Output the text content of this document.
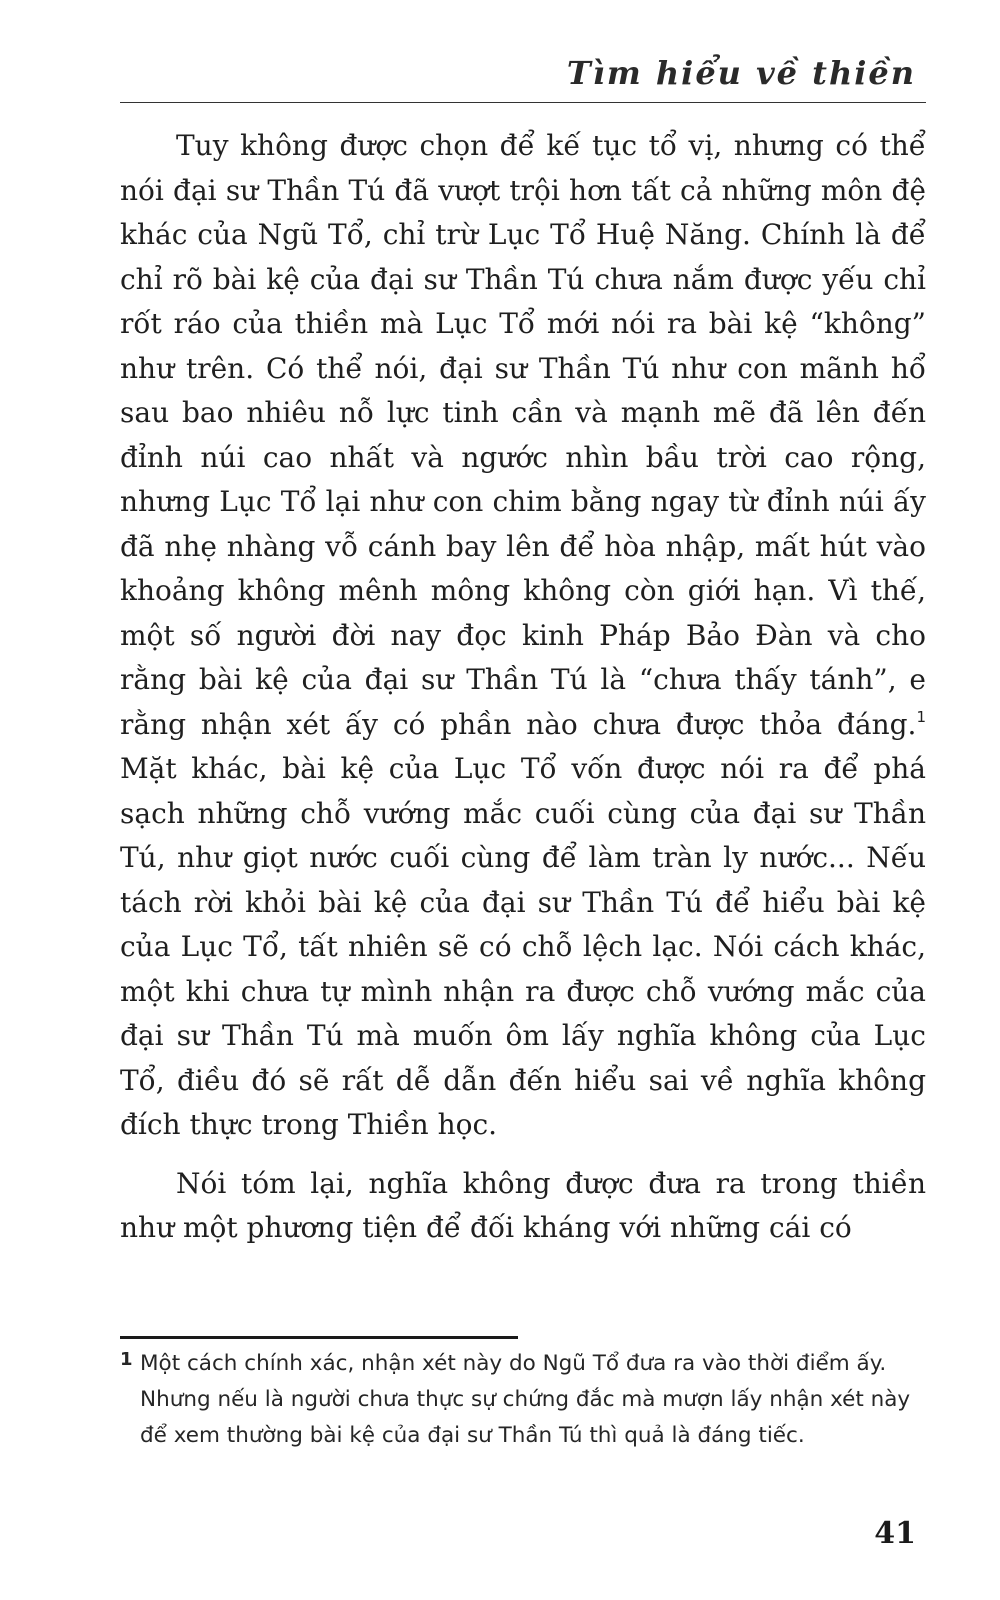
Tìm hiểu về thiền

Tuy không được chọn để kế tục tổ vị, nhưng có thể nói đại sư Thần Tú đã vượt trội hơn tất cả những môn đệ khác của Ngũ Tổ, chỉ trừ Lục Tổ Huệ Năng. Chính là để chỉ rõ bài kệ của đại sư Thần Tú chưa nắm được yếu chỉ rốt ráo của thiền mà Lục Tổ mới nói ra bài kệ “không” như trên. Có thể nói, đại sư Thần Tú như con mãnh hổ sau bao nhiêu nỗ lực tinh cần và mạnh mẽ đã lên đến đỉnh núi cao nhất và ngước nhìn bầu trời cao rộng, nhưng Lục Tổ lại như con chim bằng ngay từ đỉnh núi ấy đã nhẹ nhàng vỗ cánh bay lên để hòa nhập, mất hút vào khoảng không mênh mông không còn giới hạn. Vì thế, một số người đời nay đọc kinh Pháp Bảo Đàn và cho rằng bài kệ của đại sư Thần Tú là “chưa thấy tánh”, e rằng nhận xét ấy có phần nào chưa được thỏa đáng.$^1$ Mặt khác, bài kệ của Lục Tổ vốn được nói ra để phá sạch những chỗ vướng mắc cuối cùng của đại sư Thần Tú, như giọt nước cuối cùng để làm tràn ly nước... Nếu tách rời khỏi bài kệ của đại sư Thần Tú để hiểu bài kệ của Lục Tổ, tất nhiên sẽ có chỗ lệch lạc. Nói cách khác, một khi chưa tự mình nhận ra được chỗ vướng mắc của đại sư Thần Tú mà muốn ôm lấy nghĩa không của Lục Tổ, điều đó sẽ rất dễ dẫn đến hiểu sai về nghĩa không đích thực trong Thiền học.

Nói tóm lại, nghĩa không được đưa ra trong thiền như một phương tiện để đối kháng với những cái có

1 Một cách chính xác, nhận xét này do Ngũ Tổ đưa ra vào thời điểm ấy. Nhưng nếu là người chưa thực sự chứng đắc mà mượn lấy nhận xét này để xem thường bài kệ của đại sư Thần Tú thì quả là đáng tiếc.
41
